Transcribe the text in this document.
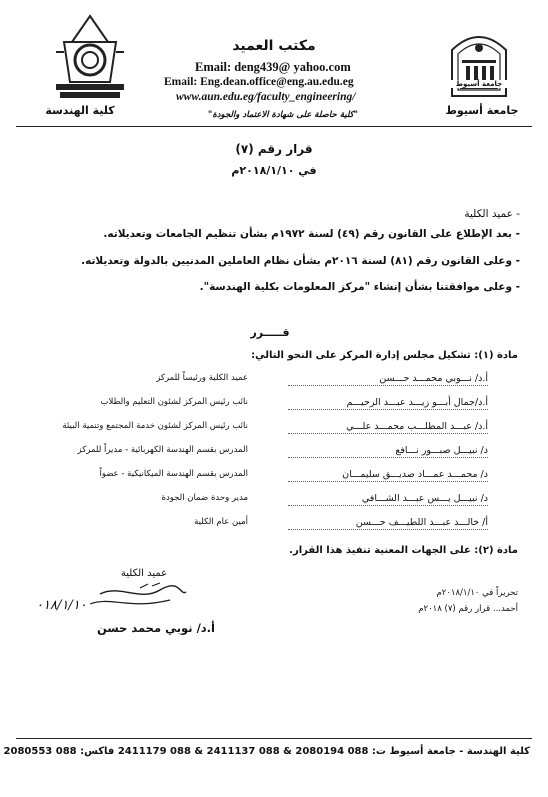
جامعة أسيوط
جامعة أسيوط
كلية الهندسة
مكتب العميد
Email: deng439@ yahoo.com
Email: Eng.dean.office@eng.au.edu.eg
www.aun.edu.eg/faculty_engineering/
"كلية حاصلة على شهادة الاعتماد والجودة"
قرار رقم (٧)
في ٢٠١٨/١/١٠م
- عميد الكلية
- بعد الإطلاع على القانون رقم (٤٩) لسنة ١٩٧٢م بشأن تنظيم الجامعات وتعديلاته.
- وعلى القانون رقم (٨١) لسنة ٢٠١٦م بشأن نظام العاملين المدنيين بالدولة وتعديلاته.
- وعلى موافقتنا بشأن إنشاء "مركز المعلومات بكلية الهندسة".
قـــــرر
مادة (١): تشكيل مجلس إدارة المركز على النحو التالي:
أ.د/ نـــوبي محمـــد حـــسن
عميد الكلية ورئيساً للمركز
أ.د/جمال أبـــو زيـــد عبـــد الرحيـــم
نائب رئيس المركز لشئون التعليم والطلاب
أ.د/ عبـــد المطلـــب محمـــد علـــي
نائب رئيس المركز لشئون خدمة المجتمع وتنمية البيئة
د/ نبيـــل صبـــور نـــافع
المدرس بقسم الهندسة الكهربائية - مديراً للمركز
د/ محمـــد عمـــاد صديـــق سليمـــان
المدرس بقسم الهندسة الميكانيكية - عضواً
د/ نبيـــل يـــس عبـــد الشـــافي
مدير وحدة ضمان الجودة
أ/ خالـــد عبـــد اللطيـــف حـــسن
أمين عام الكلية
مادة (٢): على الجهات المعنية تنفيذ هذا القرار.
عميد الكلية
٠١٨/١/١٠
أ.د/ نوبي محمد حسن
تحريراً في ٢٠١٨/١/١٠م
أحمد... قرار رقم (٧) ٢٠١٨م
كلية الهندسة - جامعة أسيوط ت: 088 2080194 & 088 2411137 & 088 2411179 فاكس: 088 2080553
